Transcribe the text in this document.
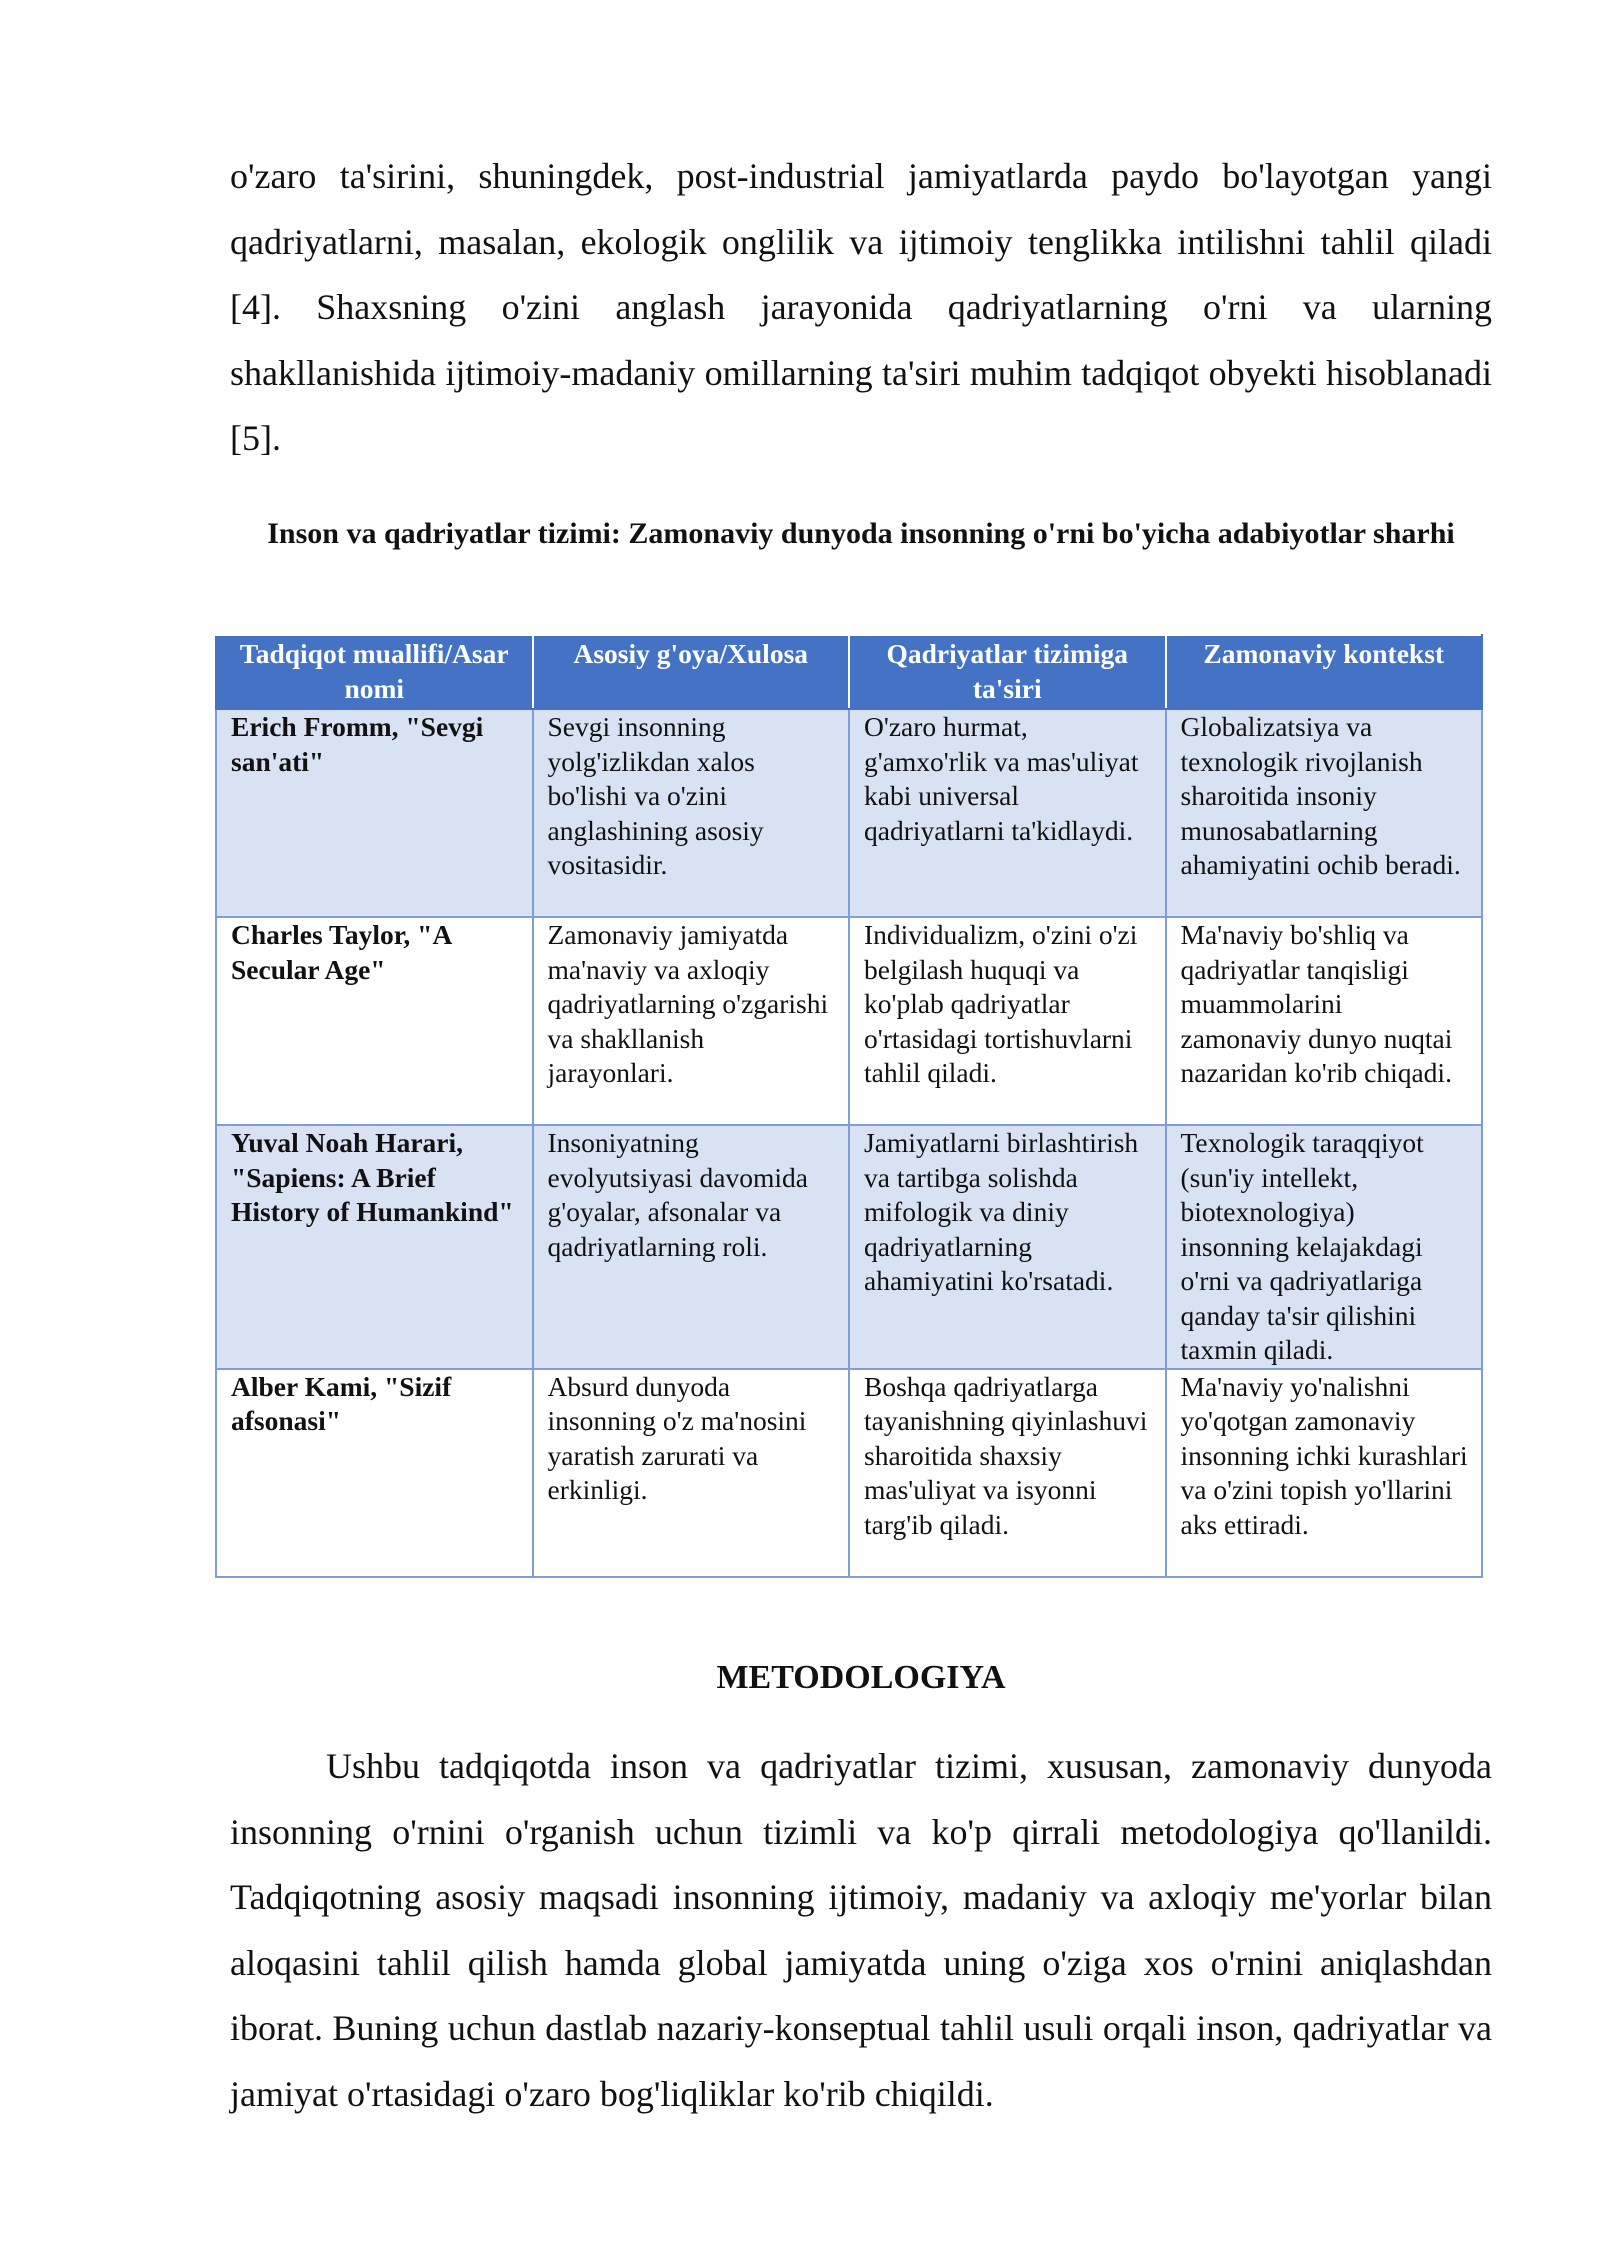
o'zaro ta'sirini, shuningdek, post-industrial jamiyatlarda paydo bo'layotgan yangi qadriyatlarni, masalan, ekologik onglilik va ijtimoiy tenglikka intilishni tahlil qiladi [4]. Shaxsning o'zini anglash jarayonida qadriyatlarning o'rni va ularning shakllanishida ijtimoiy-madaniy omillarning ta'siri muhim tadqiqot obyekti hisoblanadi [5].

Inson va qadriyatlar tizimi: Zamonaviy dunyoda insonning o'rni bo'yicha adabiyotlar sharhi

Tadqiqot muallifi/Asar nomi	Asosiy g'oya/Xulosa	Qadriyatlar tizimiga ta'siri	Zamonaviy kontekst
Erich Fromm, "Sevgi san'ati"	Sevgi insonning yolg'izlikdan xalos bo'lishi va o'zini anglashining asosiy vositasidir.	O'zaro hurmat, g'amxo'rlik va mas'uliyat kabi universal qadriyatlarni ta'kidlaydi.	Globalizatsiya va texnologik rivojlanish sharoitida insoniy munosabatlarning ahamiyatini ochib beradi.
Charles Taylor, "A Secular Age"	Zamonaviy jamiyatda ma'naviy va axloqiy qadriyatlarning o'zgarishi va shakllanish jarayonlari.	Individualizm, o'zini o'zi belgilash huquqi va ko'plab qadriyatlar o'rtasidagi tortishuvlarni tahlil qiladi.	Ma'naviy bo'shliq va qadriyatlar tanqisligi muammolarini zamonaviy dunyo nuqtai nazaridan ko'rib chiqadi.
Yuval Noah Harari, "Sapiens: A Brief History of Humankind"	Insoniyatning evolyutsiyasi davomida g'oyalar, afsonalar va qadriyatlarning roli.	Jamiyatlarni birlashtirish va tartibga solishda mifologik va diniy qadriyatlarning ahamiyatini ko'rsatadi.	Texnologik taraqqiyot (sun'iy intellekt, biotexnologiya) insonning kelajakdagi o'rni va qadriyatlariga qanday ta'sir qilishini taxmin qiladi.
Alber Kami, "Sizif afsonasi"	Absurd dunyoda insonning o'z ma'nosini yaratish zarurati va erkinligi.	Boshqa qadriyatlarga tayanishning qiyinlashuvi sharoitida shaxsiy mas'uliyat va isyonni targ'ib qiladi.	Ma'naviy yo'nalishni yo'qotgan zamonaviy insonning ichki kurashlari va o'zini topish yo'llarini aks ettiradi.
METODOLOGIYA

Ushbu tadqiqotda inson va qadriyatlar tizimi, xususan, zamonaviy dunyoda insonning o'rnini o'rganish uchun tizimli va ko'p qirrali metodologiya qo'llanildi. Tadqiqotning asosiy maqsadi insonning ijtimoiy, madaniy va axloqiy me'yorlar bilan aloqasini tahlil qilish hamda global jamiyatda uning o'ziga xos o'rnini aniqlashdan iborat. Buning uchun dastlab nazariy-konseptual tahlil usuli orqali inson, qadriyatlar va jamiyat o'rtasidagi o'zaro bog'liqliklar ko'rib chiqildi.
